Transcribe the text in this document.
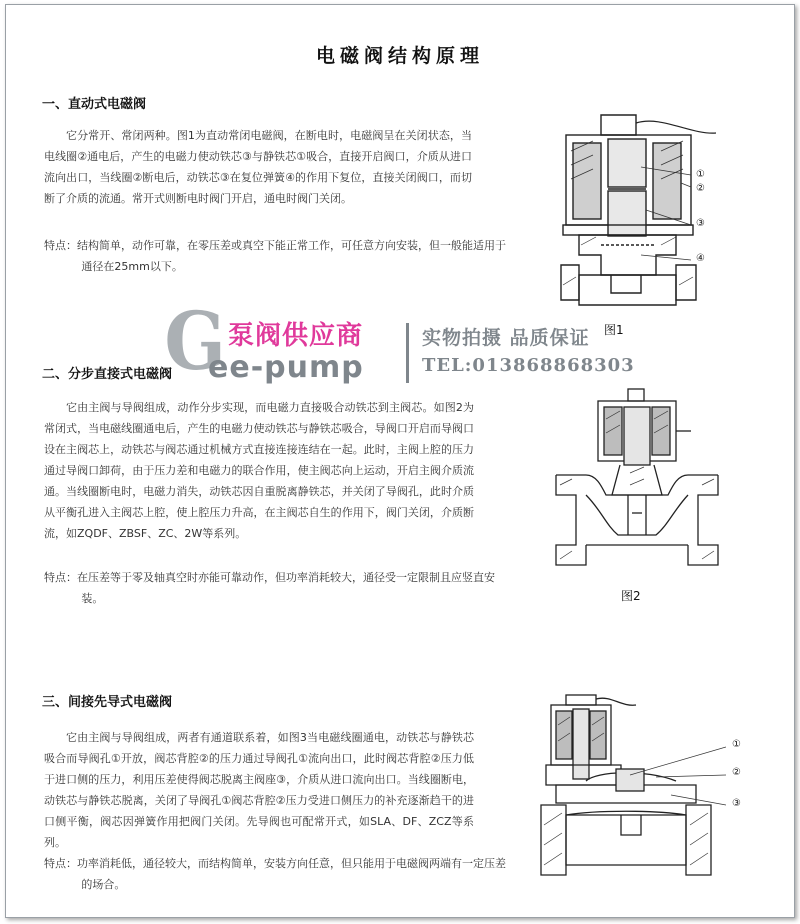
电磁阀结构原理
一、直动式电磁阀
它分常开、常闭两种。图1为直动常闭电磁阀，在断电时，电磁阀呈在关闭状态，当电线圈②通电后，产生的电磁力使动铁芯③与静铁芯①吸合，直接开启阀口，介质从进口流向出口，当线圈②断电后，动铁芯③在复位弹簧④的作用下复位，直接关闭阀口，而切断了介质的流通。常开式则断电时阀门开启，通电时阀门关闭。
特点：结构简单，动作可靠，在零压差或真空下能正常工作，可任意方向安装，但一般能适用于通径在25mm以下。
①
②
③
④
图1
G 泵阀供应商
ee-pump
实物拍摄 品质保证
TEL:013868868303
二、分步直接式电磁阀
它由主阀与导阀组成，动作分步实现，而电磁力直接吸合动铁芯到主阀芯。如图2为常闭式，当电磁线圈通电后，产生的电磁力使动铁芯与静铁芯吸合，导阀口开启而导阀口设在主阀芯上，动铁芯与阀芯通过机械方式直接连接连结在一起。此时，主阀上腔的压力通过导阀口卸荷，由于压力差和电磁力的联合作用，使主阀芯向上运动，开启主阀介质流通。当线圈断电时，电磁力消失，动铁芯因自重脱离静铁芯，并关闭了导阀孔，此时介质从平衡孔进入主阀芯上腔，使上腔压力升高，在主阀芯自生的作用下，阀门关闭，介质断流，如ZQDF、ZBSF、ZC、2W等系列。
特点：在压差等于零及轴真空时亦能可靠动作，但功率消耗较大，通径受一定限制且应竖直安装。	图2
三、间接先导式电磁阀
它由主阀与导阀组成，两者有通道联系着，如图3当电磁线圈通电，动铁芯与静铁芯吸合而导阀孔①开放，阀芯背腔②的压力通过导阀孔①流向出口，此时阀芯背腔②压力低于进口侧的压力，利用压差使得阀芯脱离主阀座③，介质从进口流向出口。当线圈断电，动铁芯与静铁芯脱离，关闭了导阀孔①阀芯背腔②压力受进口侧压力的补充逐渐趋干的进口侧平衡，阀芯因弹簧作用把阀门关闭。先导阀也可配常开式，如SLA、DF、ZCZ等系列。
特点：功率消耗低，通径较大，而结构简单，安装方向任意，但只能用于电磁阀两端有一定压差的场合。
①
②
③
